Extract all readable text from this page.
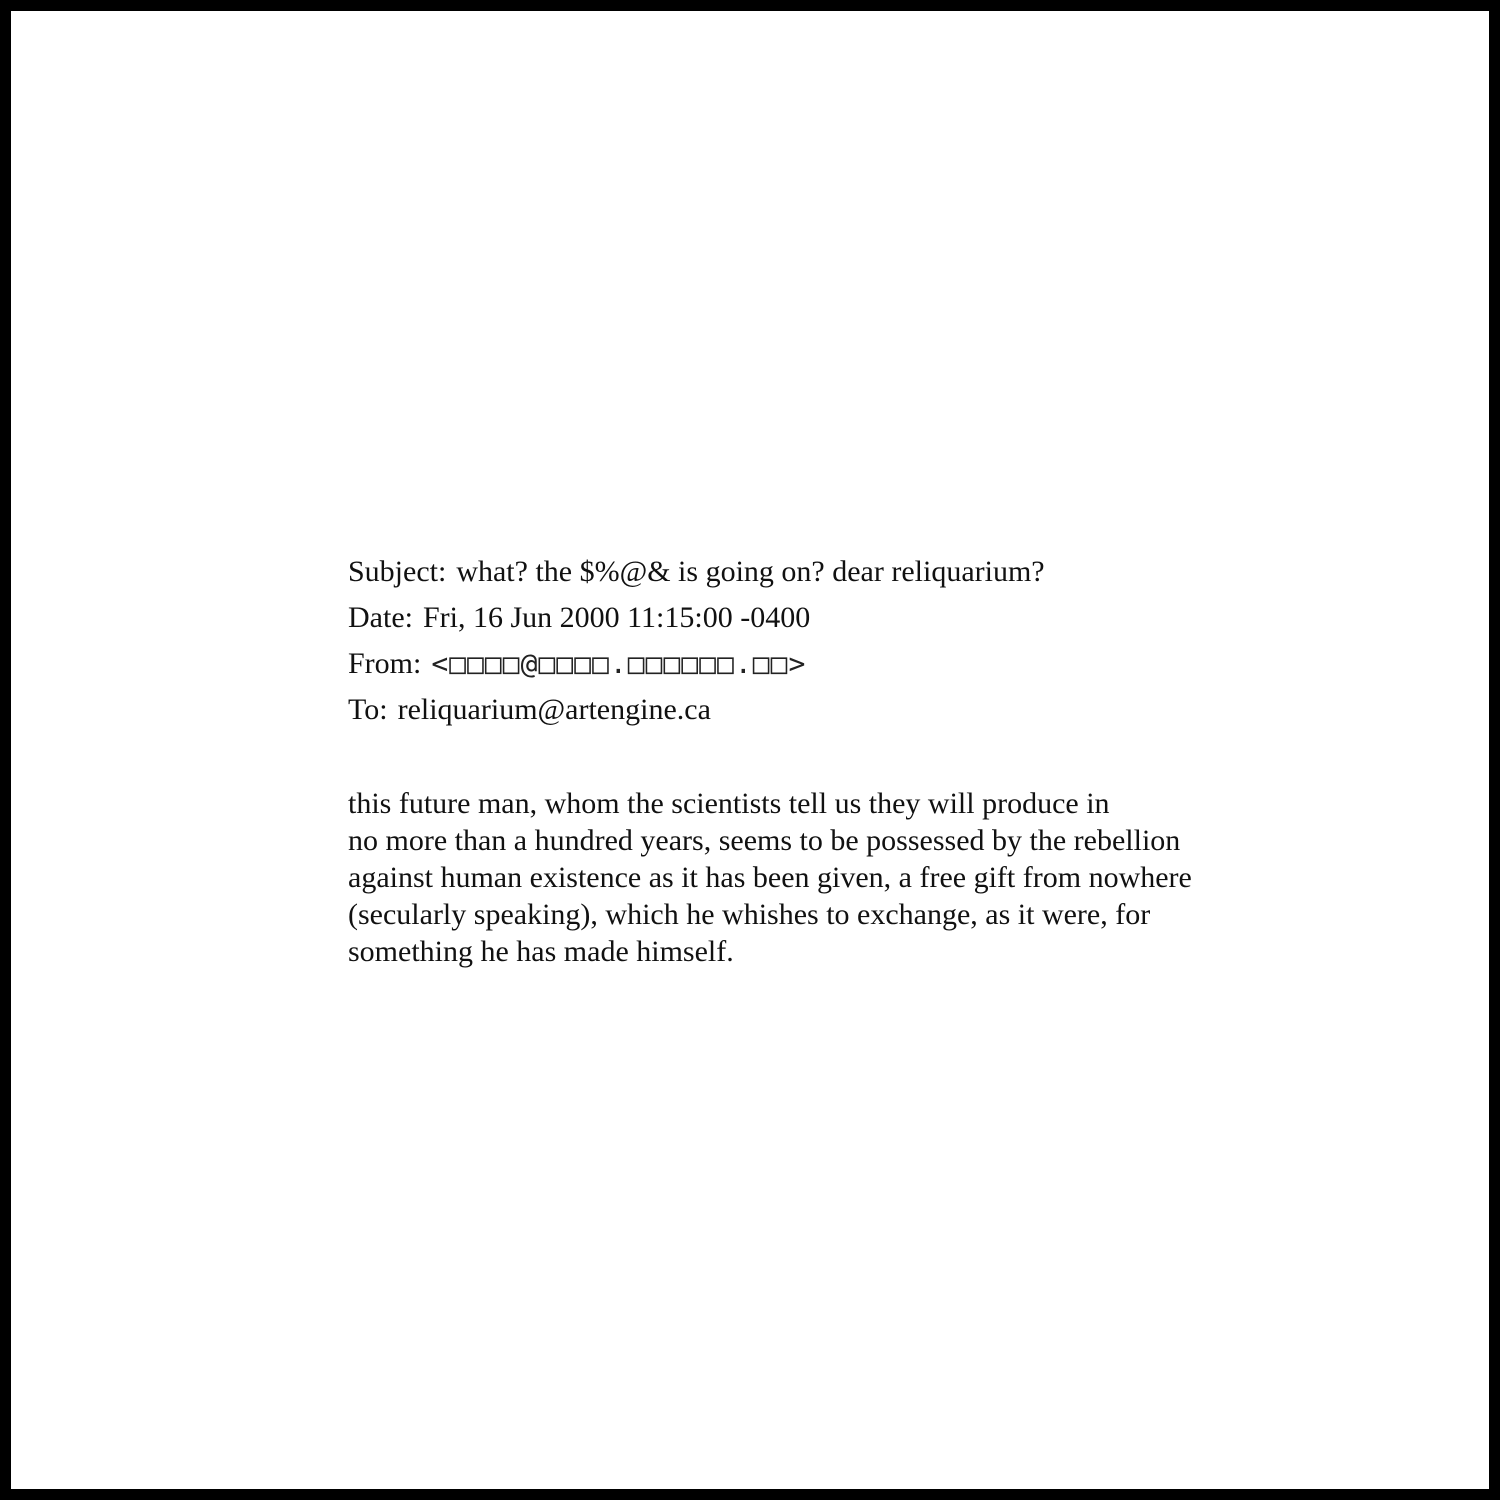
Subject: what? the $%@& is going on? dear reliquarium?
Date: Fri, 16 Jun 2000 11:15:00 -0400
From: <□□□□@□□□□.□□□□□□.□□>
To: reliquarium@artengine.ca
this future man, whom the scientists tell us they will produce in
no more than a hundred years, seems to be possessed by the rebellion
against human existence as it has been given, a free gift from nowhere
(secularly speaking), which he whishes to exchange, as it were, for
something he has made himself.
